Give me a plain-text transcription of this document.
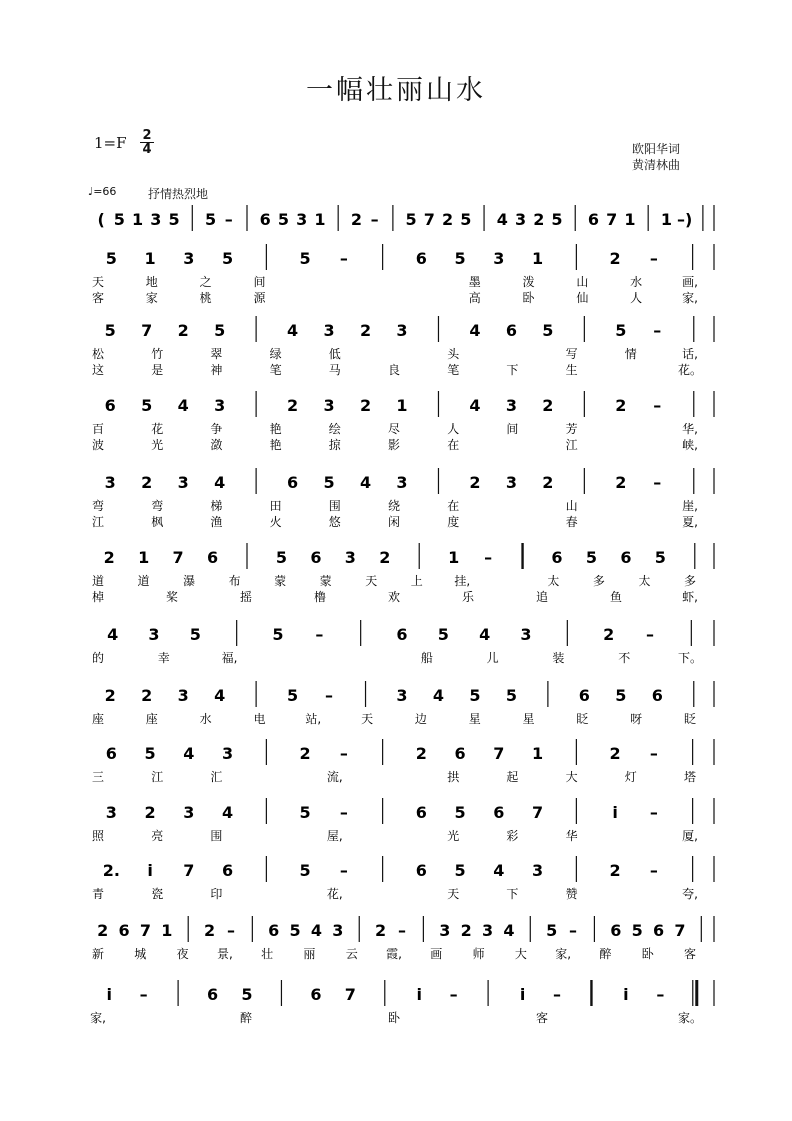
一幅壮丽山水
1=F 2
4	欧阳华词
黄清林曲
♩=66	抒情热烈地
( 5 1 3 5 5 – 6 5 3 1 2 – 5 7 2 5 4 3 2 5 6 7 1 1 –)
5 1 3 5	5 –	6 5 3 1	2 –
天	地	之	间	墨	泼	山	水	画,
客	家	桃	源	高	卧	仙	人	家,
5 7 2 5	4 3 2 3	4 6 5	5 –
松	竹	翠	绿	低	头	写	情	话,
这	是	神	笔	马	良	笔	下	生	花。
6 5 4 3	2 3 2 1	4 3 2	2 –
百	花	争	艳	绘	尽	人	间	芳	华,
波	光	潋	艳	掠	影	在	江	峡,
3 2 3 4	6 5 4 3	2 3 2	2 –
弯	弯	梯	田	围	绕	在	山	崖,
江	枫	渔	火	悠	闲	度	春	夏,
2 1 7 6	5 6 3 2	1 –	6 5 6 5
道	道	瀑	布	蒙	蒙	天	上	挂,	太	多	太	多
棹	桨	摇	橹	欢	乐	追	鱼	虾,
4 3 5	5 –	6 5 4 3	2 –
的	幸	福,	船	儿	装	不	下。
2 2 3 4	5 –	3 4 5 5	6 5 6
座	座	水	电	站,	天	边	星	星	眨	呀	眨
6 5 4 3	2 –	2 6 7 1	2 –
三	江	汇	流,	拱	起	大	灯	塔
3 2 3 4	5 –	6 5 6 7	i –
照	亮	围	屋,	光	彩	华	厦,
2. i 7 6	5 –	6 5 4 3	2 –
青	瓷	印	花,	天	下	赞	夸,
2 6 7 1 2 – 6 5 4 3 2 – 3 2 3 4 5 – 6 5 6 7
新	城	夜 景, 壮	丽	云 霞, 画	师	大 家, 醉	卧	客
i –	6 5	6 7	i –	i –	i –
家,	醉	卧	客	家。
